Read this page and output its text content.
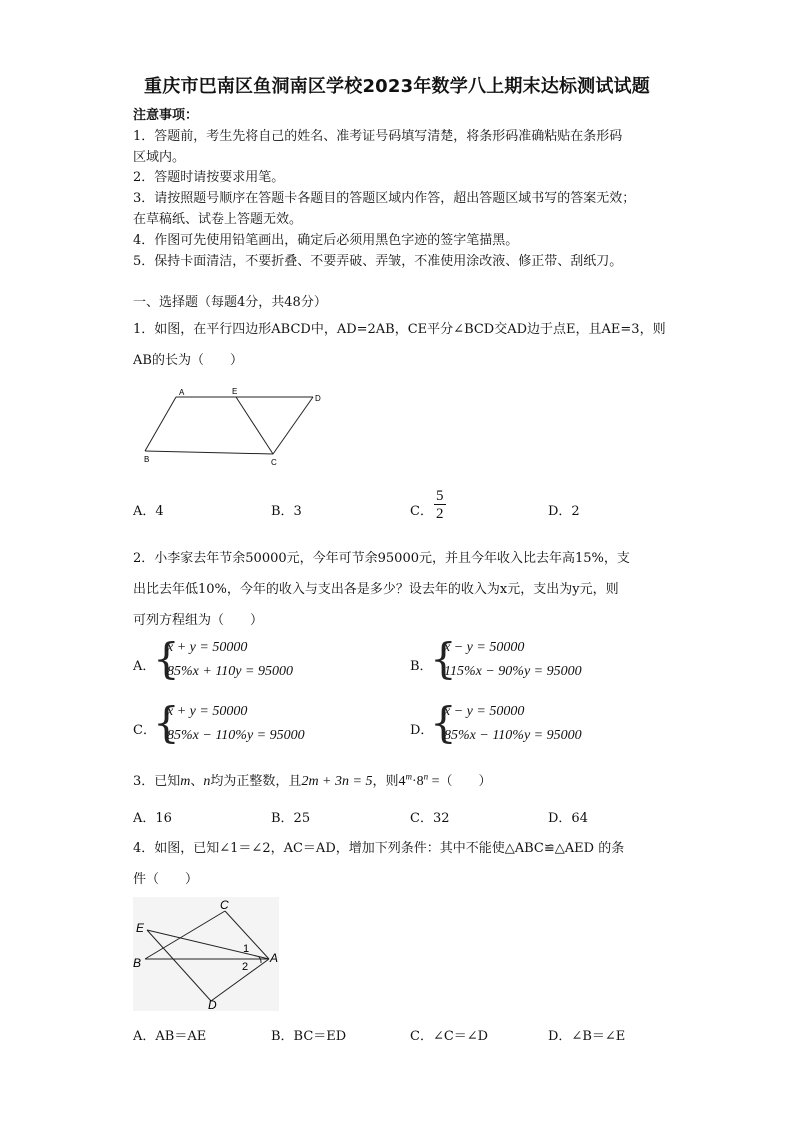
重庆市巴南区鱼洞南区学校2023年数学八上期末达标测试试题
注意事项：
1．答题前，考生先将自己的姓名、准考证号码填写清楚，将条形码准确粘贴在条形码
区域内。
2．答题时请按要求用笔。
3．请按照题号顺序在答题卡各题目的答题区域内作答，超出答题区域书写的答案无效；
在草稿纸、试卷上答题无效。
4．作图可先使用铅笔画出，确定后必须用黑色字迹的签字笔描黑。
5．保持卡面清洁，不要折叠、不要弄破、弄皱，不准使用涂改液、修正带、刮纸刀。
一、选择题（每题4分，共48分）
1．如图，在平行四边形ABCD中，AD=2AB，CE平分∠BCD交AD边于点E，且AE=3，则
AB的长为（　　）
A	E
D
B	C
A．4	B．3	C． $\frac{5}{2}$	D．2
2．小李家去年节余50000元，今年可节余95000元，并且今年收入比去年高15%，支
出比去年低10%，今年的收入与支出各是多少？设去年的收入为x元，支出为y元，则
可列方程组为（　　）
A．
{
x + y = 50000
85%x + 110y = 95000	B．
{
x − y = 50000
115%x − 90%y = 95000
C．
{
x + y = 50000
85%x − 110%y = 95000	D．
{
x − y = 50000
85%x − 110%y = 95000
3．已知m、n均为正整数，且2m + 3n = 5，则$4^m\cdot 8^n$ =（　　）
A．16	B．25	C．32	D．64
4．如图，已知∠1＝∠2，AC＝AD，增加下列条件：其中不能使△ABC≌△AED 的条
件（　　）
C
E
B	A
D
1
2
A．AB＝AE	B．BC＝ED	C．∠C＝∠D	D．∠B＝∠E
